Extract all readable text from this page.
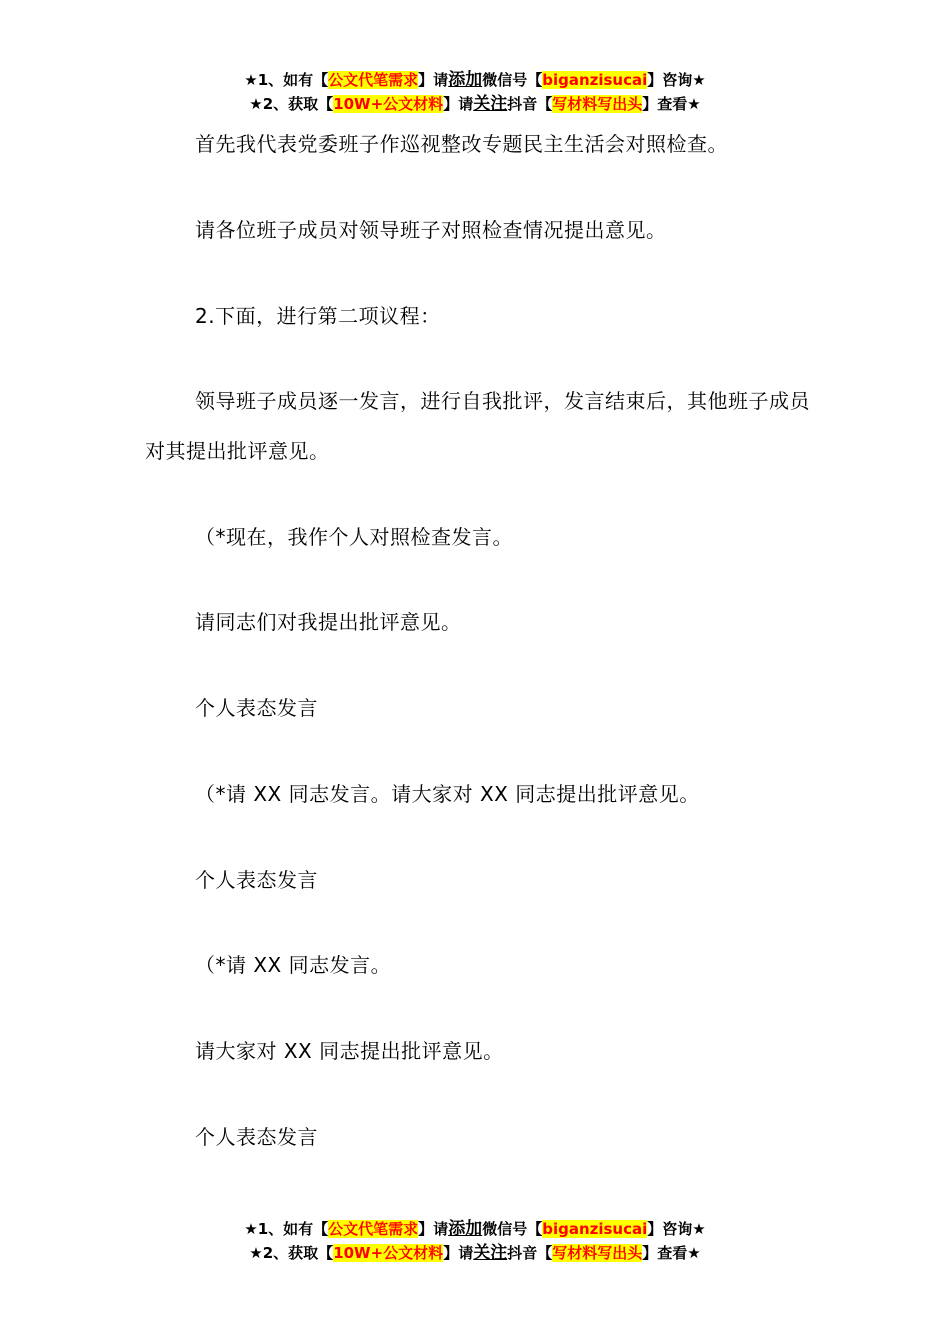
★1、如有【公文代笔需求】请添加微信号【biganzisucai】咨询★
★2、获取【10W+公文材料】请关注抖音【写材料写出头】查看★

首先我代表党委班子作巡视整改专题民主生活会对照检查。

请各位班子成员对领导班子对照检查情况提出意见。

2.下面，进行第二项议程：

领导班子成员逐一发言，进行自我批评，发言结束后，其他班子成员对其提出批评意见。

（*现在，我作个人对照检查发言。

请同志们对我提出批评意见。

个人表态发言

（*请 XX 同志发言。请大家对 XX 同志提出批评意见。

个人表态发言

（*请 XX 同志发言。

请大家对 XX 同志提出批评意见。

个人表态发言

★1、如有【公文代笔需求】请添加微信号【biganzisucai】咨询★
★2、获取【10W+公文材料】请关注抖音【写材料写出头】查看★
